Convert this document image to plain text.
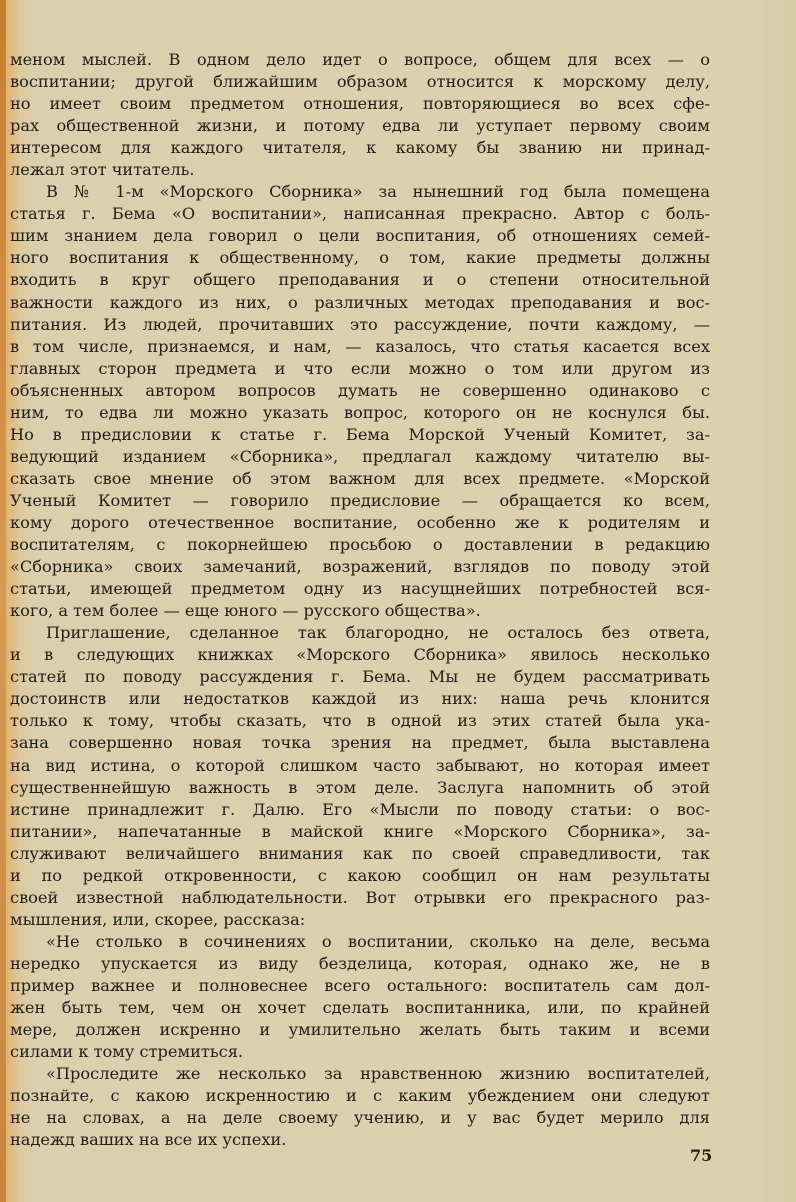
меном мыслей. В одном дело идет о вопросе, общем для всех — о
воспитании; другой ближайшим образом относится к морскому делу,
но имеет своим предметом отношения, повторяющиеся во всех сфе-
рах общественной жизни, и потому едва ли уступает первому своим
интересом для каждого читателя, к какому бы званию ни принад-
лежал этот читатель.
В № 1-м «Морского Сборника» за нынешний год была помещена
статья г. Бема «О воспитании», написанная прекрасно. Автор с боль-
шим знанием дела говорил о цели воспитания, об отношениях семей-
ного воспитания к общественному, о том, какие предметы должны
входить в круг общего преподавания и о степени относительной
важности каждого из них, о различных методах преподавания и вос-
питания. Из людей, прочитавших это рассуждение, почти каждому, —
в том числе, признаемся, и нам, — казалось, что статья касается всех
главных сторон предмета и что если можно о том или другом из
объясненных автором вопросов думать не совершенно одинаково с
ним, то едва ли можно указать вопрос, которого он не коснулся бы.
Но в предисловии к статье г. Бема Морской Ученый Комитет, за-
ведующий изданием «Сборника», предлагал каждому читателю вы-
сказать свое мнение об этом важном для всех предмете. «Морской
Ученый Комитет — говорило предисловие — обращается ко всем,
кому дорого отечественное воспитание, особенно же к родителям и
воспитателям, с покорнейшею просьбою о доставлении в редакцию
«Сборника» своих замечаний, возражений, взглядов по поводу этой
статьи, имеющей предметом одну из насущнейших потребностей вся-
кого, а тем более — еще юного — русского общества».
Приглашение, сделанное так благородно, не осталось без ответа,
и в следующих книжках «Морского Сборника» явилось несколько
статей по поводу рассуждения г. Бема. Мы не будем рассматривать
достоинств или недостатков каждой из них: наша речь клонится
только к тому, чтобы сказать, что в одной из этих статей была ука-
зана совершенно новая точка зрения на предмет, была выставлена
на вид истина, о которой слишком часто забывают, но которая имеет
существеннейшую важность в этом деле. Заслуга напомнить об этой
истине принадлежит г. Далю. Его «Мысли по поводу статьи: о вос-
питании», напечатанные в майской книге «Морского Сборника», за-
служивают величайшего внимания как по своей справедливости, так
и по редкой откровенности, с какою сообщил он нам результаты
своей известной наблюдательности. Вот отрывки его прекрасного раз-
мышления, или, скорее, рассказа:
«Не столько в сочинениях о воспитании, сколько на деле, весьма
нередко упускается из виду безделица, которая, однако же, не в
пример важнее и полновеснее всего остального: воспитатель сам дол-
жен быть тем, чем он хочет сделать воспитанника, или, по крайней
мере, должен искренно и умилительно желать быть таким и всеми
силами к тому стремиться.
«Проследите же несколько за нравственною жизнию воспитателей,
познайте, с какою искренностию и с каким убеждением они следуют
не на словах, а на деле своему учению, и у вас будет мерило для
надежд ваших на все их успехи.
75
